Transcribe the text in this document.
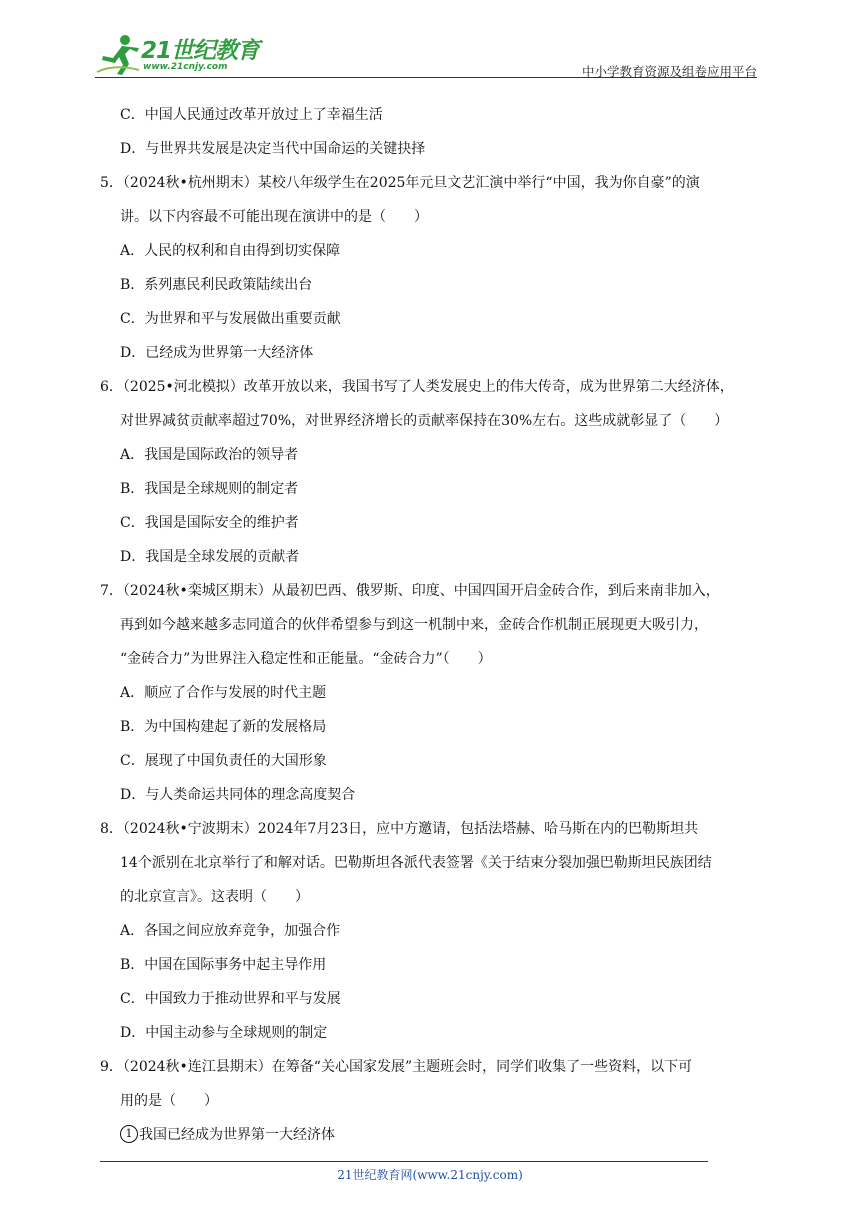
21世纪教育
www.21cnjy.com	中小学教育资源及组卷应用平台
C．中国人民通过改革开放过上了幸福生活
D．与世界共发展是决定当代中国命运的关键抉择
5．（2024秋•杭州期末）某校八年级学生在2025年元旦文艺汇演中举行“中国，我为你自豪”的演
讲。以下内容最不可能出现在演讲中的是（　　）
A．人民的权利和自由得到切实保障
B．系列惠民利民政策陆续出台
C．为世界和平与发展做出重要贡献
D．已经成为世界第一大经济体
6．（2025•河北模拟）改革开放以来，我国书写了人类发展史上的伟大传奇，成为世界第二大经济体，
对世界减贫贡献率超过70%，对世界经济增长的贡献率保持在30%左右。这些成就彰显了（　　）
A．我国是国际政治的领导者
B．我国是全球规则的制定者
C．我国是国际安全的维护者
D．我国是全球发展的贡献者
7．（2024秋•栾城区期末）从最初巴西、俄罗斯、印度、中国四国开启金砖合作，到后来南非加入，
再到如今越来越多志同道合的伙伴希望参与到这一机制中来，金砖合作机制正展现更大吸引力，
“金砖合力”为世界注入稳定性和正能量。“金砖合力”（　　）
A．顺应了合作与发展的时代主题
B．为中国构建起了新的发展格局
C．展现了中国负责任的大国形象
D．与人类命运共同体的理念高度契合
8．（2024秋•宁波期末）2024年7月23日，应中方邀请，包括法塔赫、哈马斯在内的巴勒斯坦共
14个派别在北京举行了和解对话。巴勒斯坦各派代表签署《关于结束分裂加强巴勒斯坦民族团结
的北京宣言》。这表明（　　）
A．各国之间应放弃竞争，加强合作
B．中国在国际事务中起主导作用
C．中国致力于推动世界和平与发展
D．中国主动参与全球规则的制定
9．（2024秋•连江县期末）在筹备“关心国家发展”主题班会时，同学们收集了一些资料，以下可
用的是（　　）
1 我国已经成为世界第一大经济体
21世纪教育网(www.21cnjy.com)
